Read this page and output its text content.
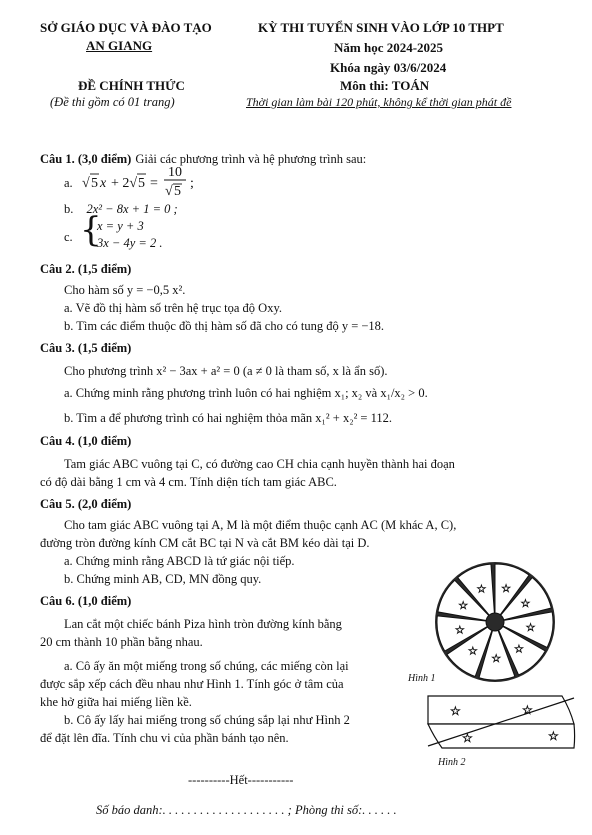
SỞ GIÁO DỤC VÀ ĐÀO TẠO
AN GIANG
ĐỀ CHÍNH THỨC
(Đề thi gồm có 01 trang)
KỲ THI TUYỂN SINH VÀO LỚP 10 THPT
Năm học 2024-2025
Khóa ngày 03/6/2024
Môn thi: TOÁN
Thời gian làm bài 120 phút, không kể thời gian phát đề
Câu 1. (3,0 điểm) Giải các phương trình và hệ phương trình sau:
a. √ 5 x + 2√ 5 =
10
√ 5
;
b. 2x² − 8x + 1 = 0 ;
c. {
x = y + 3
3x − 4y = 2 .
Câu 2. (1,5 điểm)
Cho hàm số y = −0,5 x².
a. Vẽ đồ thị hàm số trên hệ trục tọa độ Oxy.
b. Tìm các điểm thuộc đồ thị hàm số đã cho có tung độ y = −18.
Câu 3. (1,5 điểm)
Cho phương trình x² − 3ax + a² = 0 (a ≠ 0 là tham số, x là ẩn số).
a. Chứng minh rằng phương trình luôn có hai nghiệm x₁; x₂ và x₁/x₂ > 0.
b. Tìm a để phương trình có hai nghiệm thỏa mãn x₁² + x₂² = 112.
Câu 4. (1,0 điểm)
Tam giác ABC vuông tại C, có đường cao CH chia cạnh huyền thành hai đoạn
có độ dài bằng 1 cm và 4 cm. Tính diện tích tam giác ABC.
Câu 5. (2,0 điểm)
Cho tam giác ABC vuông tại A, M là một điểm thuộc cạnh AC (M khác A, C),
đường tròn đường kính CM cắt BC tại N và cắt BM kéo dài tại D.
a. Chứng minh rằng ABCD là tứ giác nội tiếp.
b. Chứng minh AB, CD, MN đồng quy.
Câu 6. (1,0 điểm)
Lan cắt một chiếc bánh Piza hình tròn đường kính bằng
20 cm thành 10 phần bằng nhau.
a. Cô ấy ăn một miếng trong số chúng, các miếng còn lại
được sắp xếp cách đều nhau như Hình 1. Tính góc ở tâm của
khe hở giữa hai miếng liền kề.
b. Cô ấy lấy hai miếng trong số chúng sắp lại như Hình 2
để đặt lên đĩa. Tính chu vi của phần bánh tạo nên.
☆
☆
☆
☆
☆
☆
☆
☆
☆
Hình 1
☆	☆
☆	☆
Hình 2
----------Hết-----------
Số báo danh:. . . . . . . . . . . . . . . . . . . . ; Phòng thi số:. . . . . .
